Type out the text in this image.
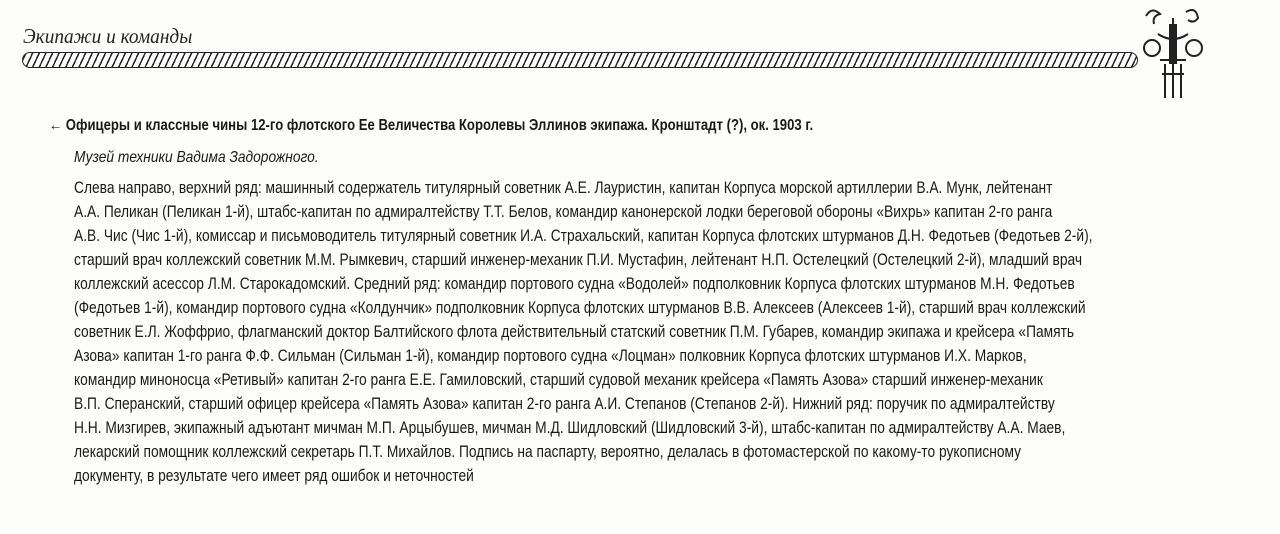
Экипажи и команды
← Офицеры и классные чины 12-го флотского Ее Величества Королевы Эллинов экипажа. Кронштадт (?), ок. 1903 г.
Музей техники Вадима Задорожного.
Слева направо, верхний ряд: машинный содержатель титулярный советник А.Е. Лауристин, капитан Корпуса морской артиллерии В.А. Мунк, лейтенант
А.А. Пеликан (Пеликан 1-й), штабс-капитан по адмиралтейству Т.Т. Белов, командир канонерской лодки береговой обороны «Вихрь» капитан 2-го ранга
А.В. Чис (Чис 1-й), комиссар и письмоводитель титулярный советник И.А. Страхальский, капитан Корпуса флотских штурманов Д.Н. Федотьев (Федотьев 2-й),
старший врач коллежский советник М.М. Рымкевич, старший инженер-механик П.И. Мустафин, лейтенант Н.П. Остелецкий (Остелецкий 2-й), младший врач
коллежский асессор Л.М. Старокадомский. Средний ряд: командир портового судна «Водолей» подполковник Корпуса флотских штурманов М.Н. Федотьев
(Федотьев 1-й), командир портового судна «Колдунчик» подполковник Корпуса флотских штурманов В.В. Алексеев (Алексеев 1-й), старший врач коллежский
советник Е.Л. Жоффрио, флагманский доктор Балтийского флота действительный статский советник П.М. Губарев, командир экипажа и крейсера «Память
Азова» капитан 1-го ранга Ф.Ф. Сильман (Сильман 1-й), командир портового судна «Лоцман» полковник Корпуса флотских штурманов И.Х. Марков,
командир миноносца «Ретивый» капитан 2-го ранга Е.Е. Гамиловский, старший судовой механик крейсера «Память Азова» старший инженер-механик
В.П. Сперанский, старший офицер крейсера «Память Азова» капитан 2-го ранга А.И. Степанов (Степанов 2-й). Нижний ряд: поручик по адмиралтейству
Н.Н. Мизгирев, экипажный адъютант мичман М.П. Арцыбушев, мичман М.Д. Шидловский (Шидловский 3-й), штабс-капитан по адмиралтейству А.А. Маев,
лекарский помощник коллежский секретарь П.Т. Михайлов. Подпись на паспарту, вероятно, делалась в фотомастерской по какому-то рукописному
документу, в результате чего имеет ряд ошибок и неточностей
